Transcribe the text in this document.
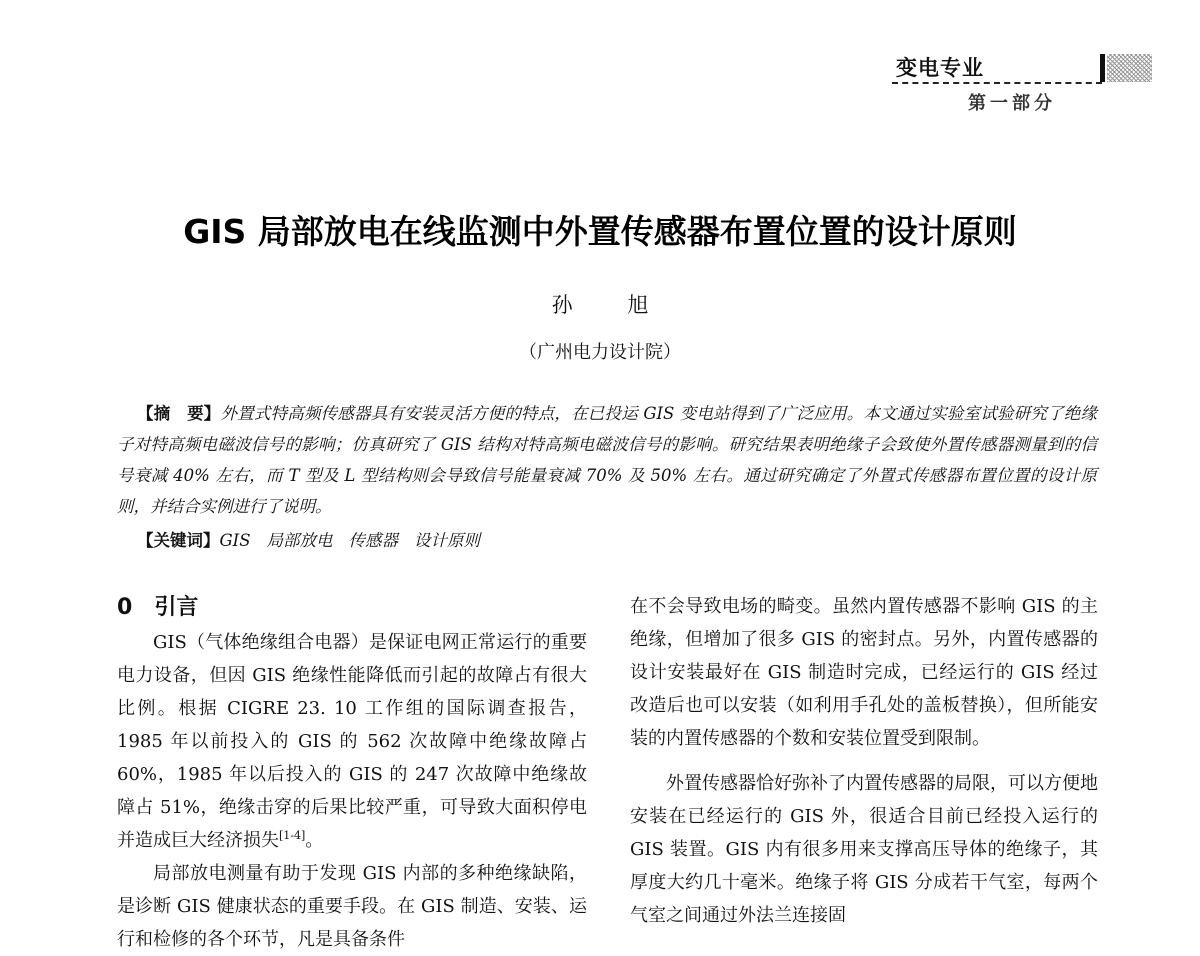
变电专业
第一部分
GIS 局部放电在线监测中外置传感器布置位置的设计原则
孙 旭
（广州电力设计院）
【摘　要】外置式特高频传感器具有安装灵活方便的特点，在已投运 GIS 变电站得到了广泛应用。本文通过实验室试验研究了绝缘子对特高频电磁波信号的影响；仿真研究了 GIS 结构对特高频电磁波信号的影响。研究结果表明绝缘子会致使外置传感器测量到的信号衰减 40% 左右，而 T 型及 L 型结构则会导致信号能量衰减 70% 及 50% 左右。通过研究确定了外置式传感器布置位置的设计原则，并结合实例进行了说明。
【关键词】GIS 局部放电 传感器 设计原则
0 引言

GIS（气体绝缘组合电器）是保证电网正常运行的重要电力设备，但因 GIS 绝缘性能降低而引起的故障占有很大比例。根据 CIGRE 23. 10 工作组的国际调查报告，1985 年以前投入的 GIS 的 562 次故障中绝缘故障占 60%，1985 年以后投入的 GIS 的 247 次故障中绝缘故障占 51%，绝缘击穿的后果比较严重，可导致大面积停电并造成巨大经济损失[1-4]。

局部放电测量有助于发现 GIS 内部的多种绝缘缺陷，是诊断 GIS 健康状态的重要手段。在 GIS 制造、安装、运行和检修的各个环节，凡是具备条件

在不会导致电场的畸变。虽然内置传感器不影响 GIS 的主绝缘，但增加了很多 GIS 的密封点。另外，内置传感器的设计安装最好在 GIS 制造时完成，已经运行的 GIS 经过改造后也可以安装（如利用手孔处的盖板替换），但所能安装的内置传感器的个数和安装位置受到限制。

外置传感器恰好弥补了内置传感器的局限，可以方便地安装在已经运行的 GIS 外，很适合目前已经投入运行的 GIS 装置。GIS 内有很多用来支撑高压导体的绝缘子，其厚度大约几十毫米。绝缘子将 GIS 分成若干气室，每两个气室之间通过外法兰连接固
